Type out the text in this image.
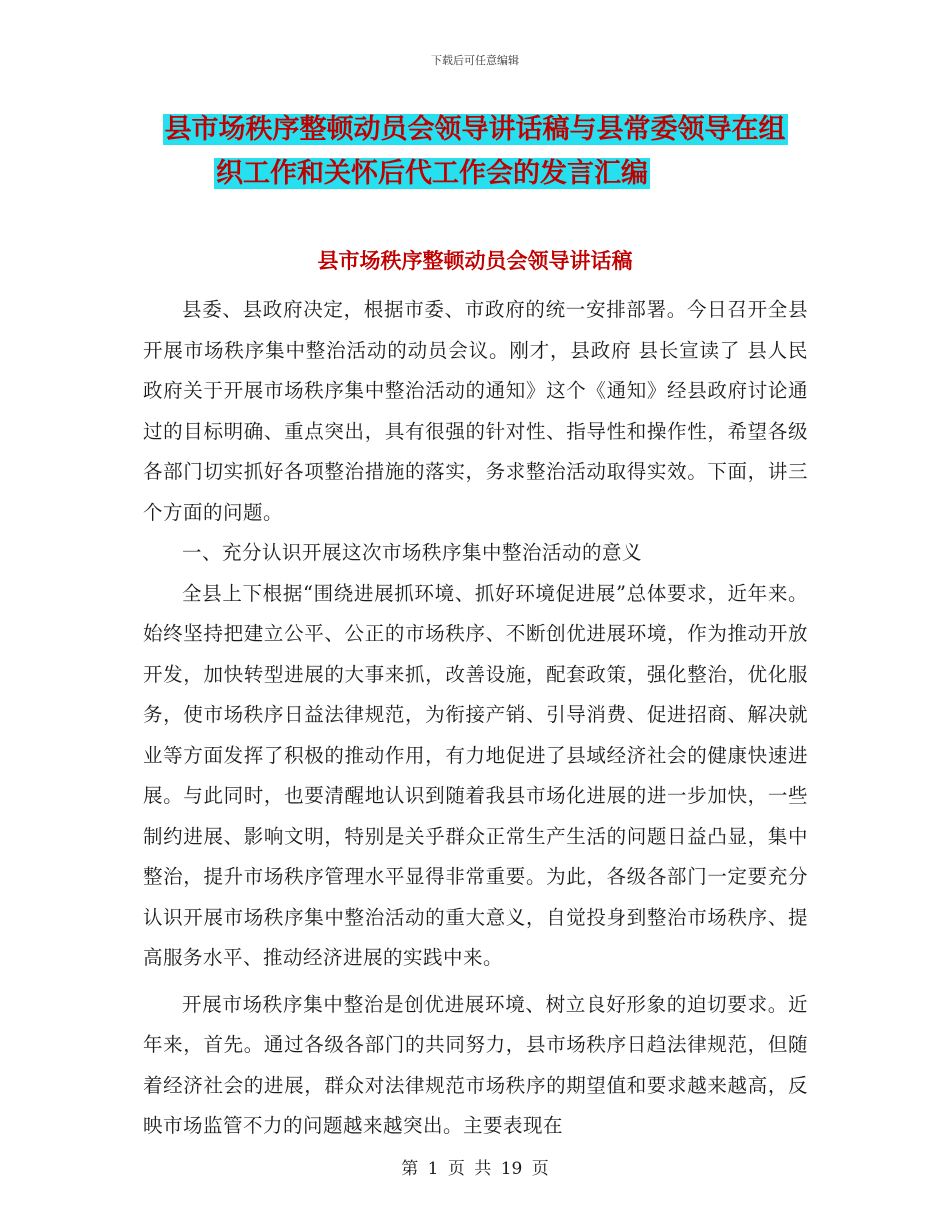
下载后可任意编辑
县市场秩序整顿动员会领导讲话稿与县常委领导在组
织工作和关怀后代工作会的发言汇编
县市场秩序整顿动员会领导讲话稿

县委、县政府决定，根据市委、市政府的统一安排部署。今日召开全县开展市场秩序集中整治活动的动员会议。刚才，县政府 县长宣读了 县人民政府关于开展市场秩序集中整治活动的通知》这个《通知》经县政府讨论通过的目标明确、重点突出，具有很强的针对性、指导性和操作性，希望各级各部门切实抓好各项整治措施的落实，务求整治活动取得实效。下面，讲三个方面的问题。

一、充分认识开展这次市场秩序集中整治活动的意义

全县上下根据“围绕进展抓环境、抓好环境促进展”总体要求，近年来。始终坚持把建立公平、公正的市场秩序、不断创优进展环境，作为推动开放开发，加快转型进展的大事来抓，改善设施，配套政策，强化整治，优化服务，使市场秩序日益法律规范，为衔接产销、引导消费、促进招商、解决就业等方面发挥了积极的推动作用，有力地促进了县域经济社会的健康快速进展。与此同时，也要清醒地认识到随着我县市场化进展的进一步加快，一些制约进展、影响文明，特别是关乎群众正常生产生活的问题日益凸显，集中整治，提升市场秩序管理水平显得非常重要。为此，各级各部门一定要充分认识开展市场秩序集中整治活动的重大意义，自觉投身到整治市场秩序、提高服务水平、推动经济进展的实践中来。

开展市场秩序集中整治是创优进展环境、树立良好形象的迫切要求。近年来，首先。通过各级各部门的共同努力，县市场秩序日趋法律规范，但随着经济社会的进展，群众对法律规范市场秩序的期望值和要求越来越高，反映市场监管不力的问题越来越突出。主要表现在

第 1 页 共 19 页
